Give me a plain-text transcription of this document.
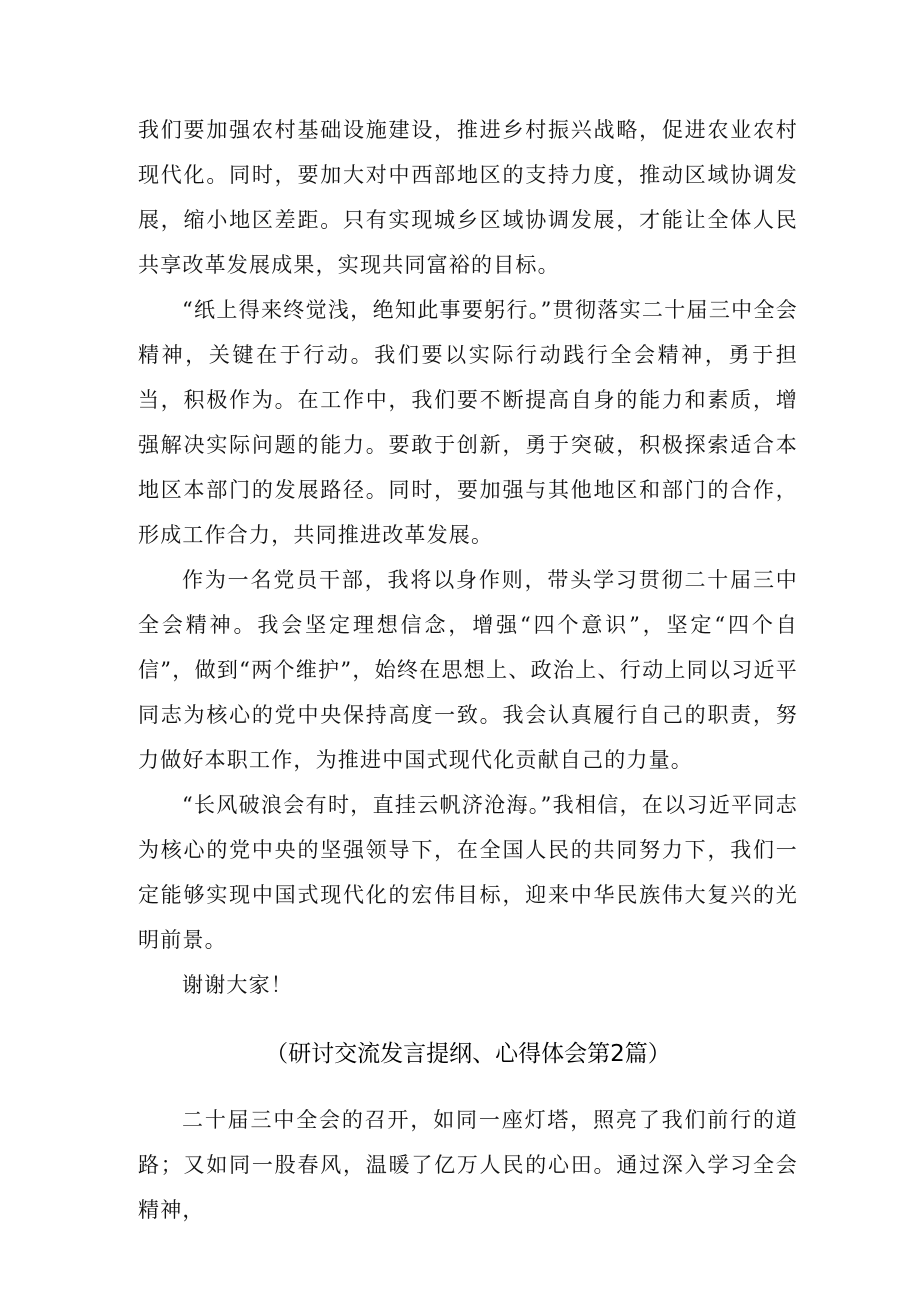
我们要加强农村基础设施建设，推进乡村振兴战略，促进农业农村现代化。同时，要加大对中西部地区的支持力度，推动区域协调发展，缩小地区差距。只有实现城乡区域协调发展，才能让全体人民共享改革发展成果，实现共同富裕的目标。

“纸上得来终觉浅，绝知此事要躬行。”贯彻落实二十届三中全会精神，关键在于行动。我们要以实际行动践行全会精神，勇于担当，积极作为。在工作中，我们要不断提高自身的能力和素质，增强解决实际问题的能力。要敢于创新，勇于突破，积极探索适合本地区本部门的发展路径。同时，要加强与其他地区和部门的合作，形成工作合力，共同推进改革发展。

作为一名党员干部，我将以身作则，带头学习贯彻二十届三中全会精神。我会坚定理想信念，增强“四个意识”，坚定“四个自信”，做到“两个维护”，始终在思想上、政治上、行动上同以习近平同志为核心的党中央保持高度一致。我会认真履行自己的职责，努力做好本职工作，为推进中国式现代化贡献自己的力量。

“长风破浪会有时，直挂云帆济沧海。”我相信，在以习近平同志为核心的党中央的坚强领导下，在全国人民的共同努力下，我们一定能够实现中国式现代化的宏伟目标，迎来中华民族伟大复兴的光明前景。

谢谢大家！

（研讨交流发言提纲、心得体会第2篇）

二十届三中全会的召开，如同一座灯塔，照亮了我们前行的道路；又如同一股春风，温暖了亿万人民的心田。通过深入学习全会精神，
